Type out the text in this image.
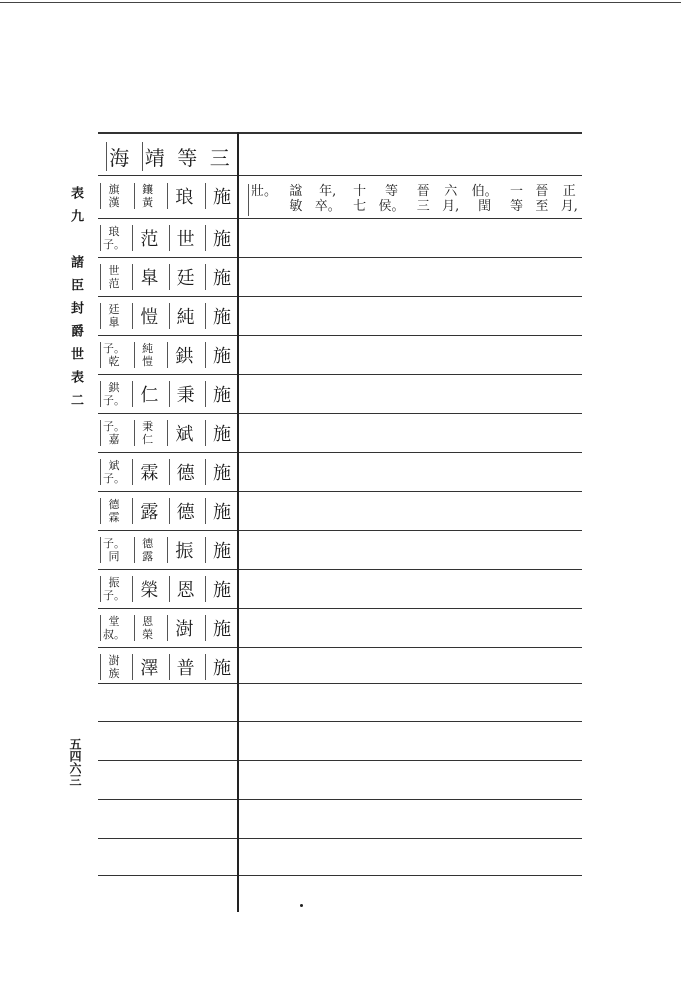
表九　諸臣封爵世表二
五四六三
海 靖 等 三
施
琅
鑲
黃
旗
漢
施
世
范
琅
子。
施
廷
臯
世
范
施
純
愷
廷
臯
施
鉷
純
愷
子。
乾
施
秉
仁
鉷
子。
施
斌
秉
仁
子。
嘉
施
德
霖
斌
子。
施
德
露
德
霖
施
振
德
露
子。
同
施
恩
榮
振
子。
施
澍
恩
榮
堂
叔。
施
普
澤
澍
族
正
月,
晉
至
一
等
伯。
閏
六
月,
晉
三
等
侯。
十
七
年,
卒。
諡
敏
壯。
